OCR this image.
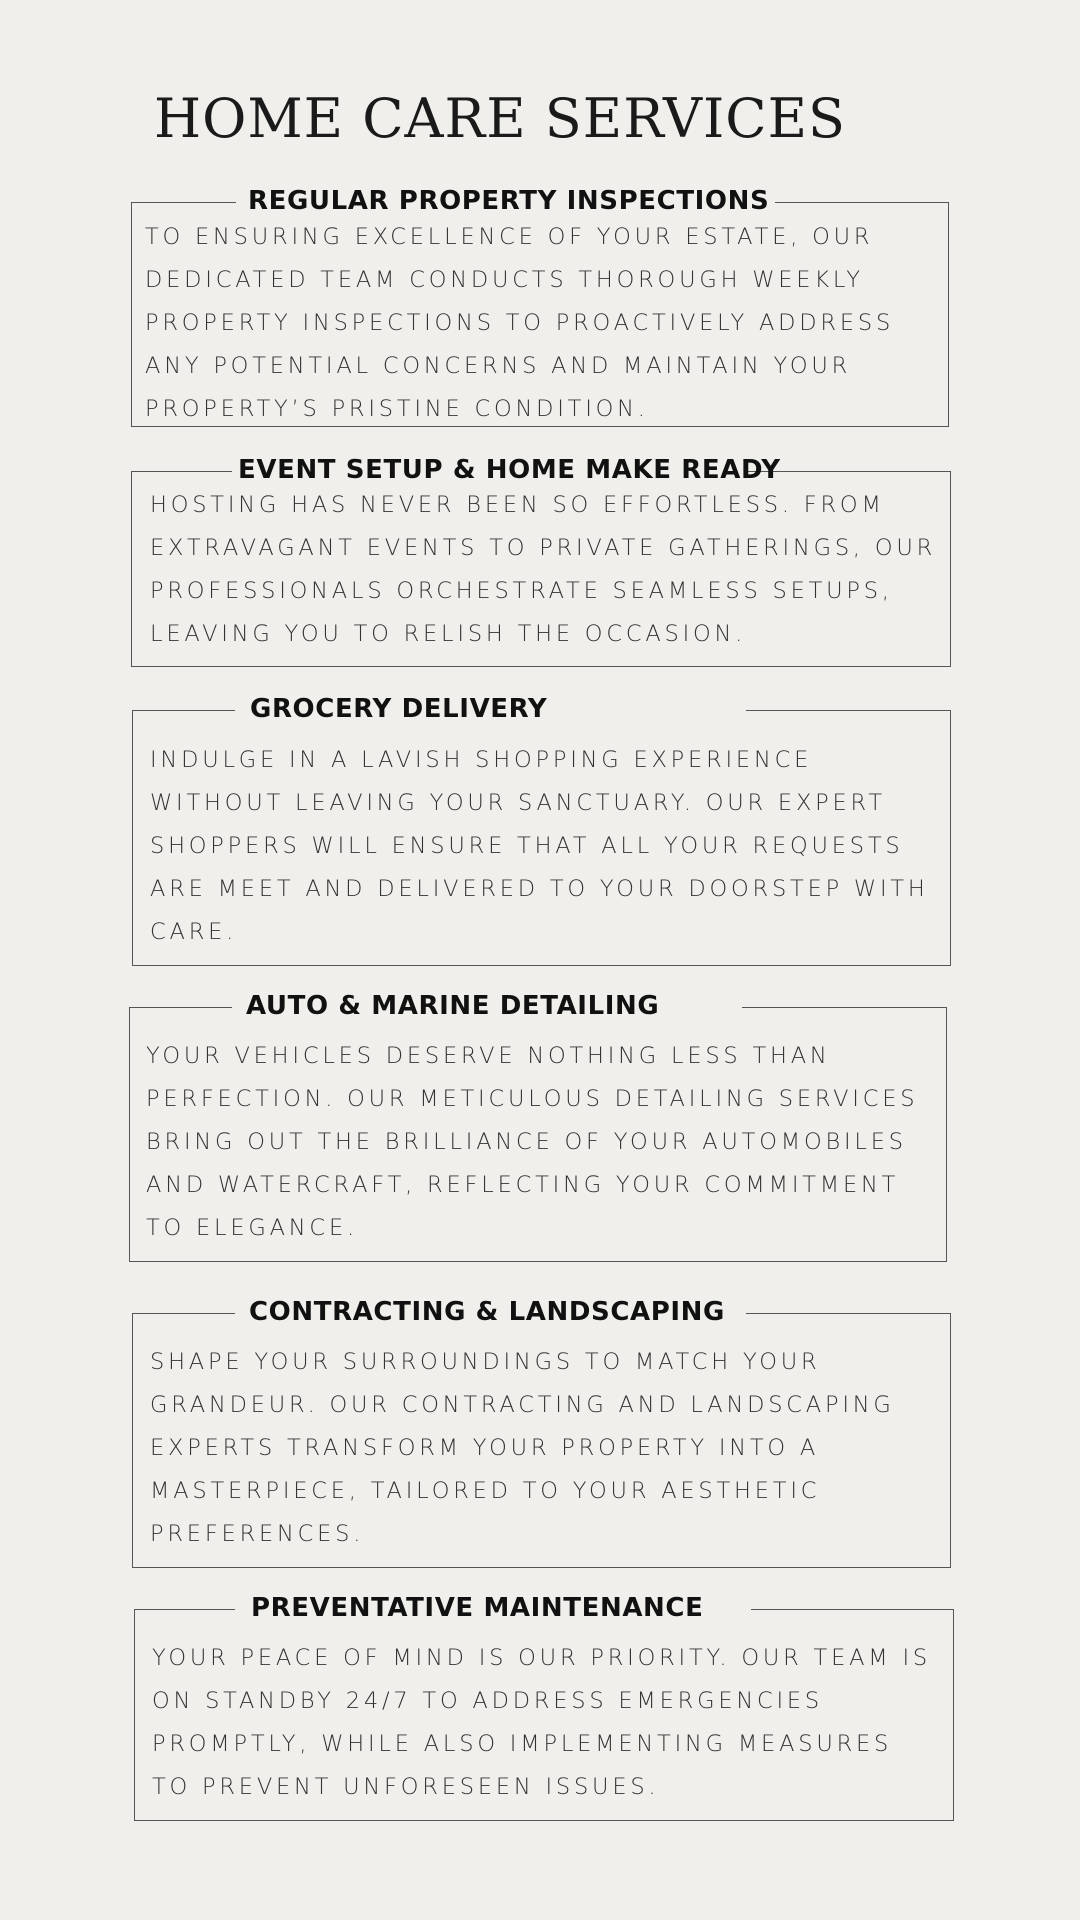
HOME CARE SERVICES
REGULAR PROPERTY INSPECTIONS

TO ENSURING EXCELLENCE OF YOUR ESTATE, OUR DEDICATED TEAM CONDUCTS THOROUGH WEEKLY PROPERTY INSPECTIONS TO PROACTIVELY ADDRESS ANY POTENTIAL CONCERNS AND MAINTAIN YOUR PROPERTY’S PRISTINE CONDITION.

EVENT SETUP & HOME MAKE READY

HOSTING HAS NEVER BEEN SO EFFORTLESS. FROM EXTRAVAGANT EVENTS TO PRIVATE GATHERINGS, OUR PROFESSIONALS ORCHESTRATE SEAMLESS SETUPS, LEAVING YOU TO RELISH THE OCCASION.

GROCERY DELIVERY

INDULGE IN A LAVISH SHOPPING EXPERIENCE WITHOUT LEAVING YOUR SANCTUARY. OUR EXPERT SHOPPERS WILL ENSURE THAT ALL YOUR REQUESTS ARE MEET AND DELIVERED TO YOUR DOORSTEP WITH CARE.

AUTO & MARINE DETAILING

YOUR VEHICLES DESERVE NOTHING LESS THAN PERFECTION. OUR METICULOUS DETAILING SERVICES BRING OUT THE BRILLIANCE OF YOUR AUTOMOBILES AND WATERCRAFT, REFLECTING YOUR COMMITMENT TO ELEGANCE.

CONTRACTING & LANDSCAPING

SHAPE YOUR SURROUNDINGS TO MATCH YOUR GRANDEUR. OUR CONTRACTING AND LANDSCAPING EXPERTS TRANSFORM YOUR PROPERTY INTO A MASTERPIECE, TAILORED TO YOUR AESTHETIC PREFERENCES.

PREVENTATIVE MAINTENANCE

YOUR PEACE OF MIND IS OUR PRIORITY. OUR TEAM IS ON STANDBY 24/7 TO ADDRESS EMERGENCIES PROMPTLY, WHILE ALSO IMPLEMENTING MEASURES TO PREVENT UNFORESEEN ISSUES.
